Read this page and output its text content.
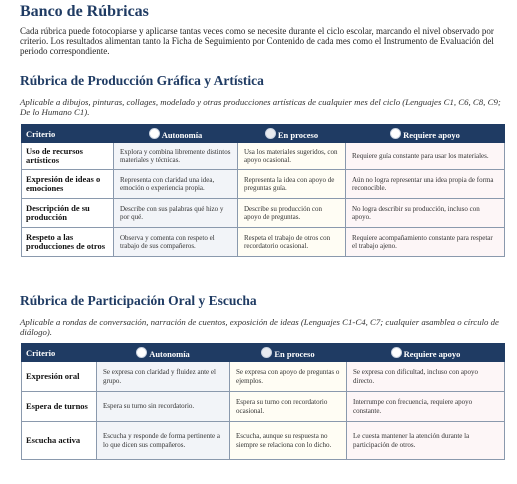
Banco de Rúbricas

Cada rúbrica puede fotocopiarse y aplicarse tantas veces como se necesite durante el ciclo escolar, marcando el nivel observado por criterio. Los resultados alimentan tanto la Ficha de Seguimiento por Contenido de cada mes como el Instrumento de Evaluación del periodo correspondiente.

Rúbrica de Producción Gráfica y Artística

Aplicable a dibujos, pinturas, collages, modelado y otras producciones artísticas de cualquier mes del ciclo (Lenguajes C1, C6, C8, C9; De lo Humano C1).

Criterio	Autonomía	En proceso	Requiere apoyo
Uso de recursos artísticos	Explora y combina libremente distintos materiales y técnicas.	Usa los materiales sugeridos, con apoyo ocasional.	Requiere guía constante para usar los materiales.
Expresión de ideas o emociones	Representa con claridad una idea, emoción o experiencia propia.	Representa la idea con apoyo de preguntas guía.	Aún no logra representar una idea propia de forma reconocible.
Descripción de su producción	Describe con sus palabras qué hizo y por qué.	Describe su producción con apoyo de preguntas.	No logra describir su producción, incluso con apoyo.
Respeto a las producciones de otros	Observa y comenta con respeto el trabajo de sus compañeros.	Respeta el trabajo de otros con recordatorio ocasional.	Requiere acompañamiento constante para respetar el trabajo ajeno.
Rúbrica de Participación Oral y Escucha

Aplicable a rondas de conversación, narración de cuentos, exposición de ideas (Lenguajes C1-C4, C7; cualquier asamblea o círculo de diálogo).

Criterio	Autonomía	En proceso	Requiere apoyo
Expresión oral	Se expresa con claridad y fluidez ante el grupo.	Se expresa con apoyo de preguntas o ejemplos.	Se expresa con dificultad, incluso con apoyo directo.
Espera de turnos	Espera su turno sin recordatorio.	Espera su turno con recordatorio ocasional.	Interrumpe con frecuencia, requiere apoyo constante.
Escucha activa	Escucha y responde de forma pertinente a lo que dicen sus compañeros.	Escucha, aunque su respuesta no siempre se relaciona con lo dicho.	Le cuesta mantener la atención durante la participación de otros.
